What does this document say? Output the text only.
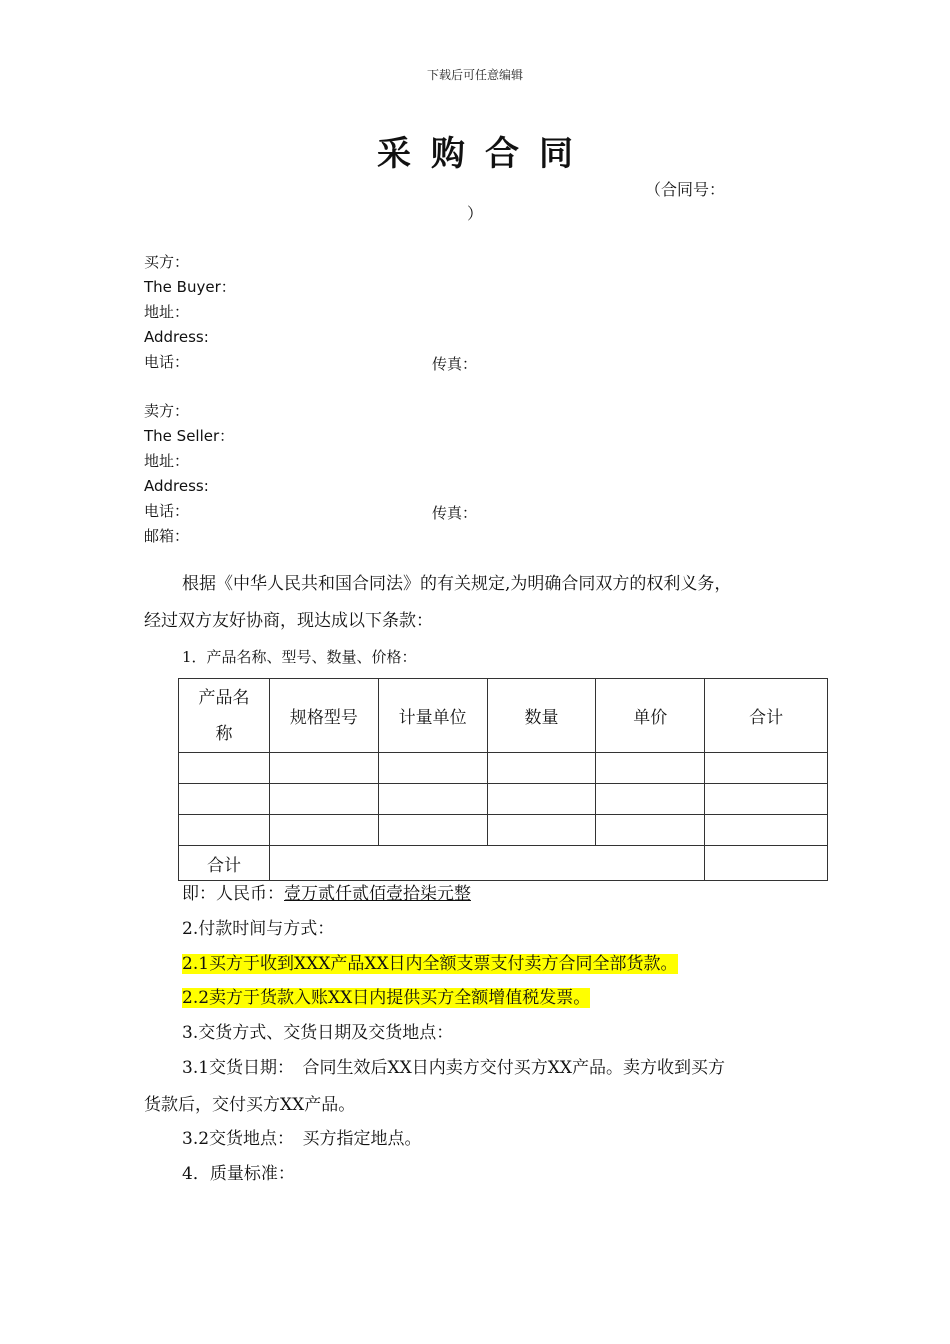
下载后可任意编辑
采购合同
（合同号：
）
买方：
The Buyer：
地址：
Address:
电话：	传真：
卖方：
The Seller：
地址：
Address:
电话：
邮箱：
传真：
根据《中华人民共和国合同法》的有关规定,为明确合同双方的权利义务，
经过双方友好协商，现达成以下条款：
1．产品名称、型号、数量、价格：
产品名称	规格型号	计量单位	数量	单价	合计

合计					
即：人民币：壹万贰仟贰佰壹拾柒元整
2.付款时间与方式：
2.1买方于收到XXX产品XX日内全额支票支付卖方合同全部货款。
2.2卖方于货款入账XX日内提供买方全额增值税发票。
3.交货方式、交货日期及交货地点：
3.1交货日期：　合同生效后XX日内卖方交付买方XX产品。卖方收到买方
货款后，交付买方XX产品。
3.2交货地点：　买方指定地点。
4．质量标准：
